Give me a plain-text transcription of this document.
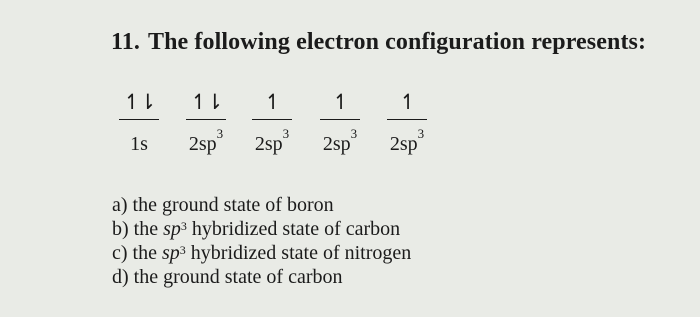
11. The following electron configuration represents:
↿⇂
1s
↿⇂
$2sp^3$
↿
$2sp^3$
↿
$2sp^3$
↿
$2sp^3$
a) the ground state of boron
b) the $sp^3$ hybridized state of carbon
c) the $sp^3$ hybridized state of nitrogen
d) the ground state of carbon
